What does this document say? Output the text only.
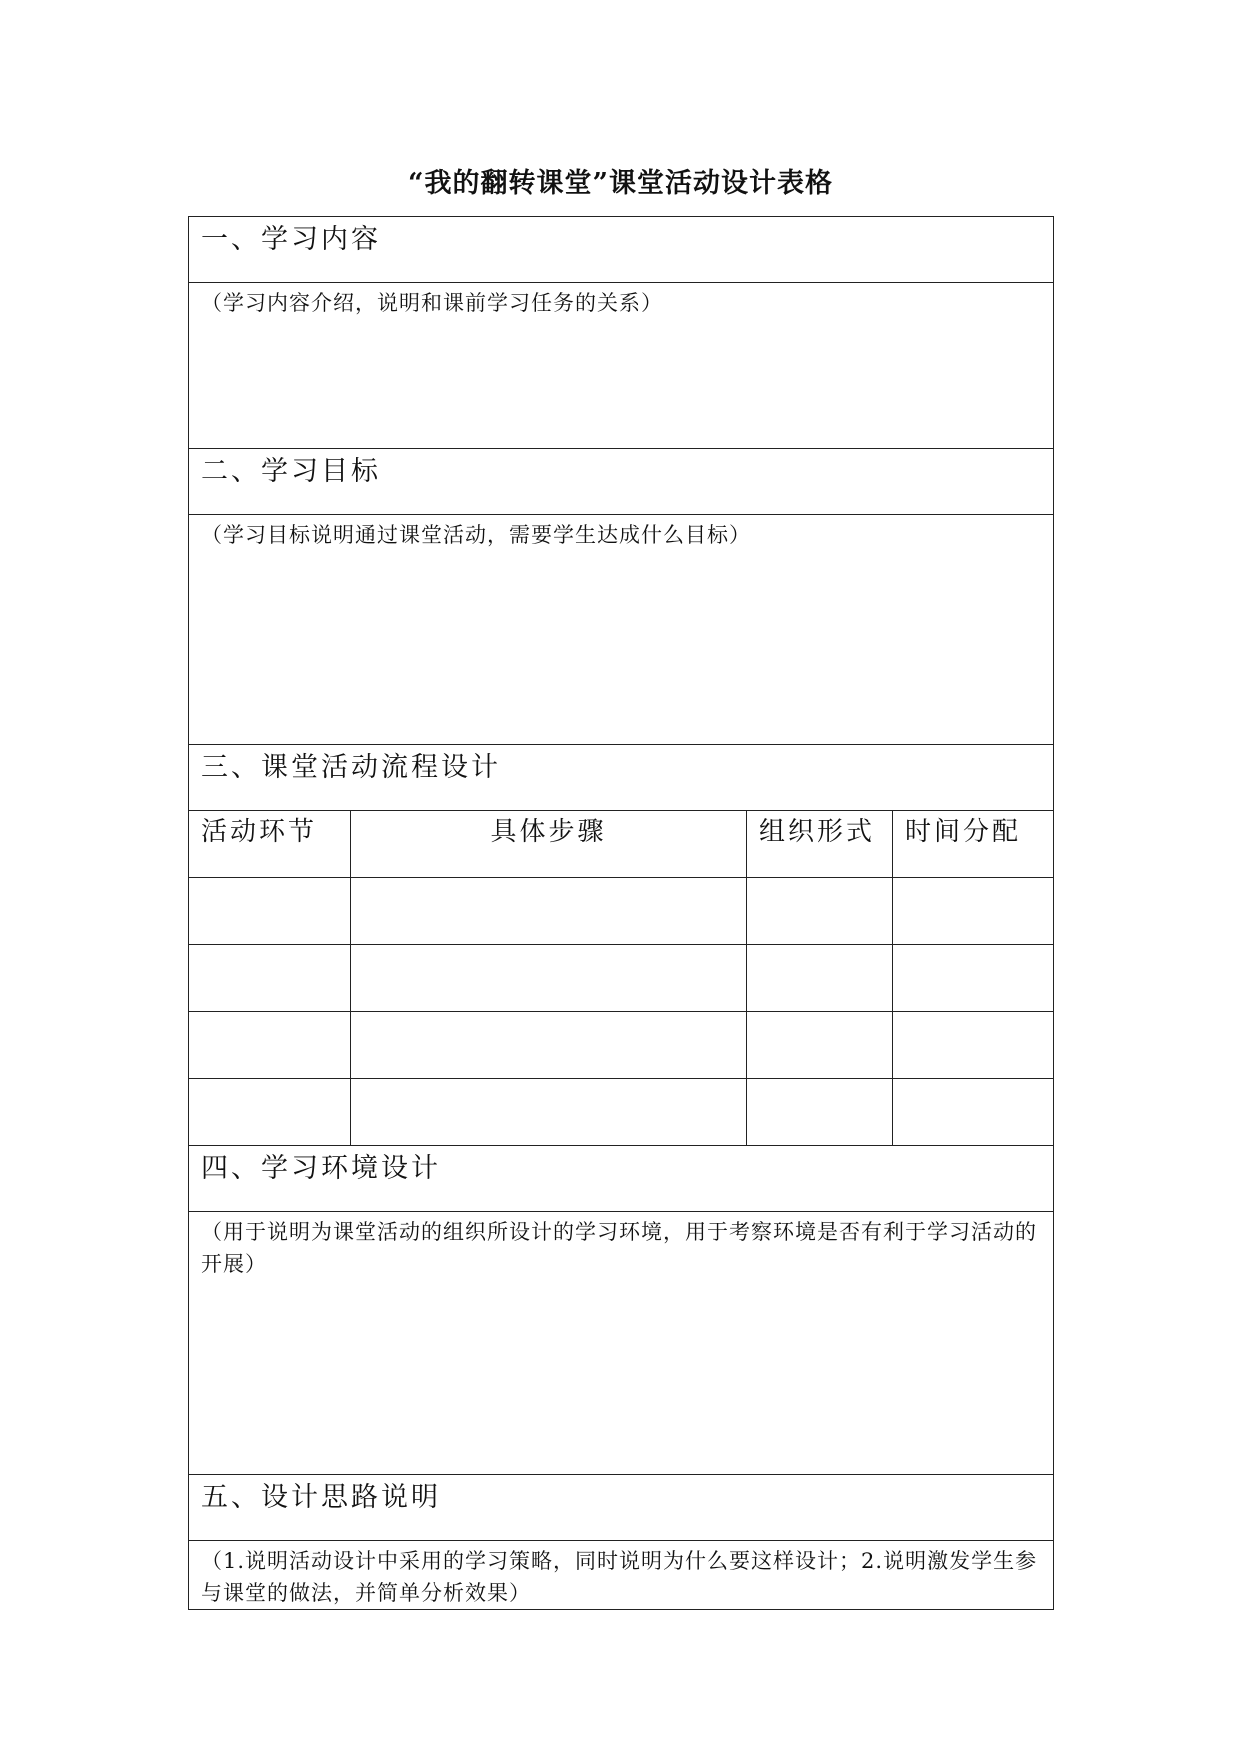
“我的翻转课堂”课堂活动设计表格
一、学习内容			
（学习内容介绍，说明和课前学习任务的关系）			
二、学习目标			
（学习目标说明通过课堂活动，需要学生达成什么目标）			
三、课堂活动流程设计			
活动环节	具体步骤	组织形式	时间分配

四、学习环境设计			
（用于说明为课堂活动的组织所设计的学习环境，用于考察环境是否有利于学习活动的开展）			
五、设计思路说明			
（1.说明活动设计中采用的学习策略，同时说明为什么要这样设计；2.说明激发学生参与课堂的做法，并简单分析效果）			
